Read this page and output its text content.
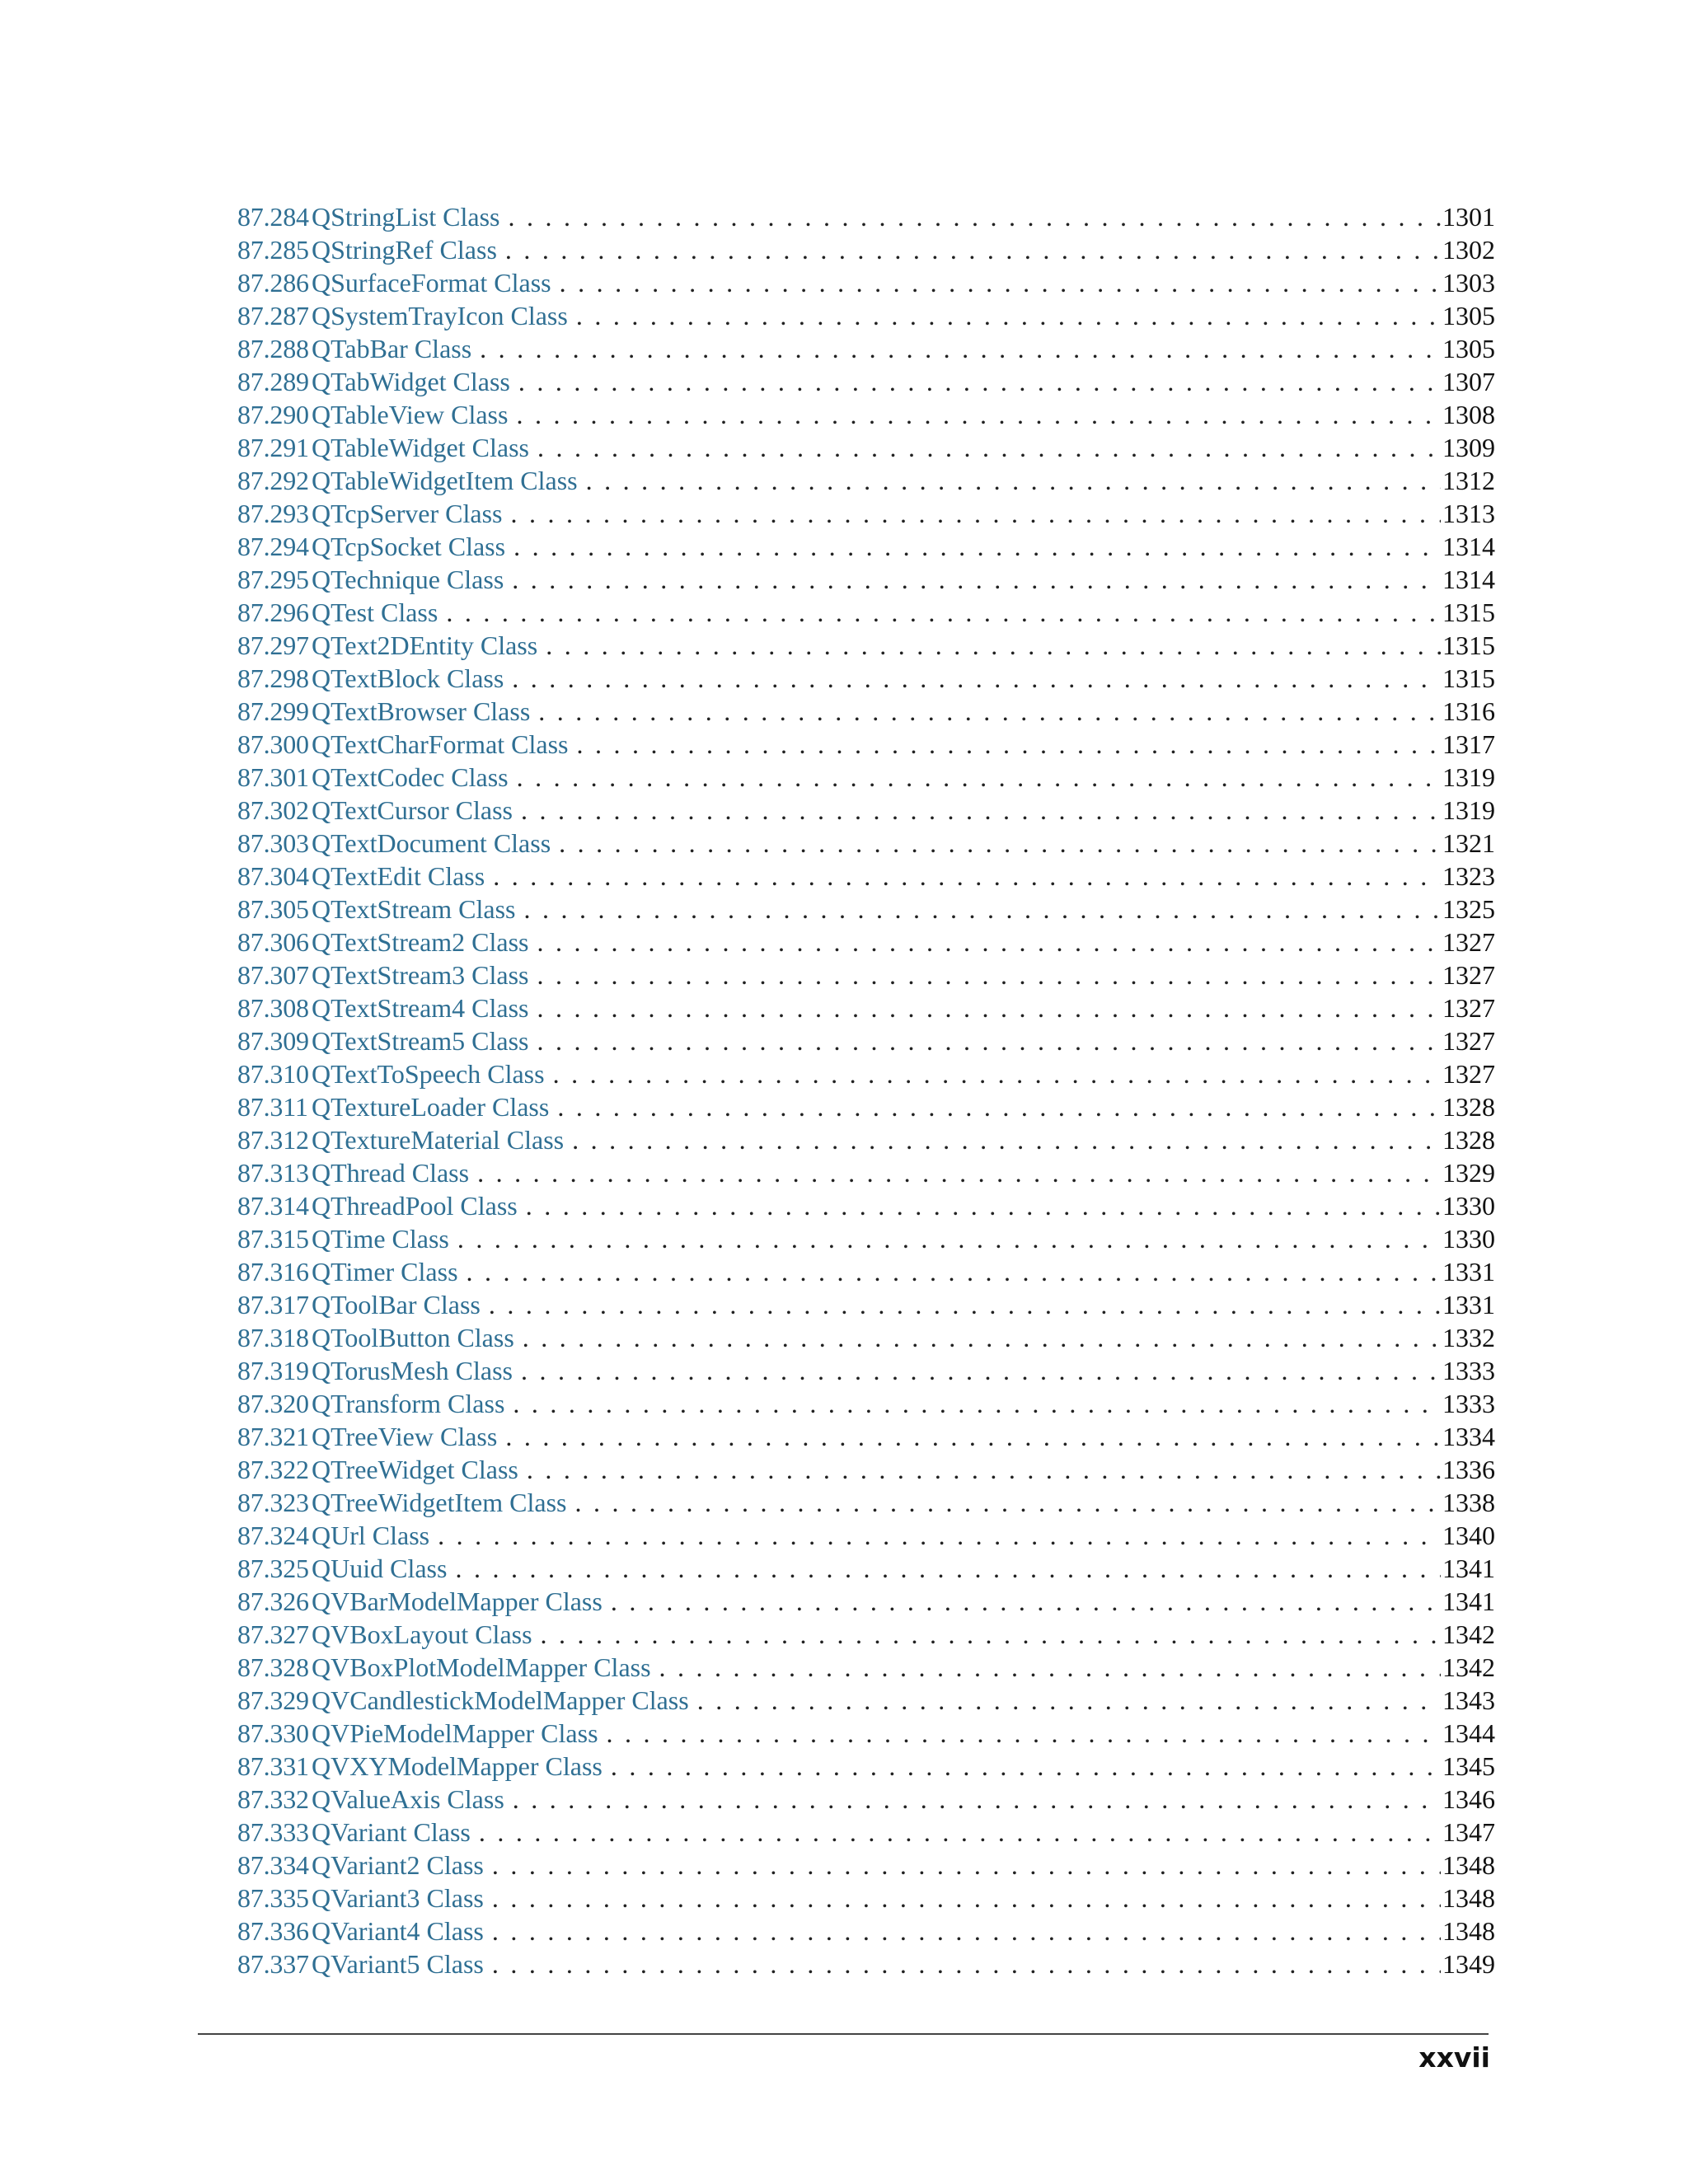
87.284QStringList Class . . .	1301
87.285QStringRef Class . . .	1302
87.286QSurfaceFormat Class . . .	1303
87.287QSystemTrayIcon Class . . .	1305
87.288QTabBar Class . . .	1305
87.289QTabWidget Class . . .	1307
87.290QTableView Class . . .	1308
87.291QTableWidget Class . . .	1309
87.292QTableWidgetItem Class . . .	1312
87.293QTcpServer Class . . .	1313
87.294QTcpSocket Class . . .	1314
87.295QTechnique Class . . .	1314
87.296QTest Class . . .	1315
87.297QText2DEntity Class . . .	1315
87.298QTextBlock Class . . .	1315
87.299QTextBrowser Class . . .	1316
87.300QTextCharFormat Class . . .	1317
87.301QTextCodec Class . . .	1319
87.302QTextCursor Class . . .	1319
87.303QTextDocument Class . . .	1321
87.304QTextEdit Class . . .	1323
87.305QTextStream Class . . .	1325
87.306QTextStream2 Class . . .	1327
87.307QTextStream3 Class . . .	1327
87.308QTextStream4 Class . . .	1327
87.309QTextStream5 Class . . .	1327
87.310QTextToSpeech Class . . .	1327
87.311 QTextureLoader Class . . .	1328
87.312QTextureMaterial Class . . .	1328
87.313QThread Class . . .	1329
87.314QThreadPool Class . . .	1330
87.315QTime Class . . .	1330
87.316QTimer Class . . .	1331
87.317QToolBar Class . . .	1331
87.318QToolButton Class . . .	1332
87.319QTorusMesh Class . . .	1333
87.320QTransform Class . . .	1333
87.321QTreeView Class . . .	1334
87.322QTreeWidget Class . . .	1336
87.323QTreeWidgetItem Class . . .	1338
87.324QUrl Class . . .	1340
87.325QUuid Class . . .	1341
87.326QVBarModelMapper Class . . .	1341
87.327QVBoxLayout Class . . .	1342
87.328QVBoxPlotModelMapper Class . . .	1342
87.329QVCandlestickModelMapper Class . . .	1343
87.330QVPieModelMapper Class . . .	1344
87.331QVXYModelMapper Class . . .	1345
87.332QValueAxis Class . . .	1346
87.333QVariant Class . . .	1347
87.334QVariant2 Class . . .	1348
87.335QVariant3 Class . . .	1348
87.336QVariant4 Class . . .	1348
87.337QVariant5 Class . . .	1349
xxvii
